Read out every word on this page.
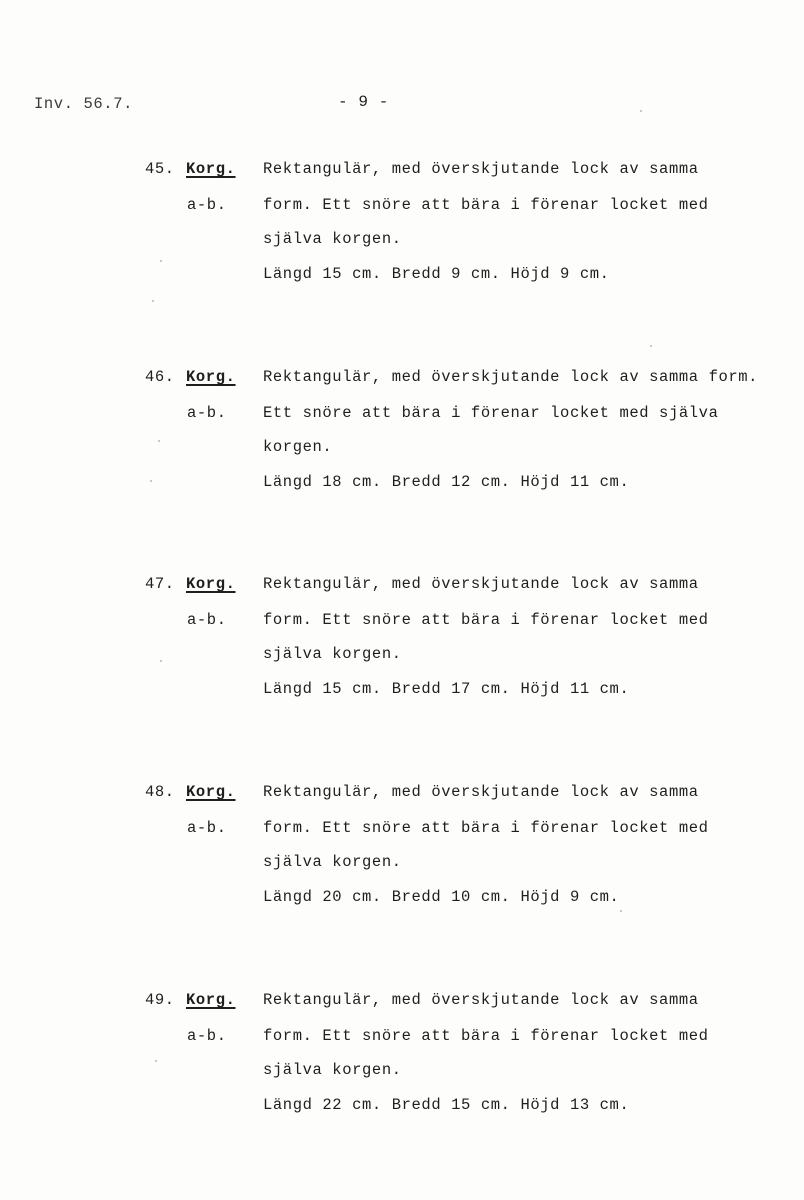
Inv. 56.7.	- 9 -
45. Korg.
a-b.
Rektangulär, med överskjutande lock av samma
form. Ett snöre att bära i förenar locket med
själva korgen.
Längd 15 cm. Bredd 9 cm. Höjd 9 cm.
46. Korg.
a-b.
Rektangulär, med överskjutande lock av samma form.
Ett snöre att bära i förenar locket med själva
korgen.
Längd 18 cm. Bredd 12 cm. Höjd 11 cm.
47. Korg.
a-b.
Rektangulär, med överskjutande lock av samma
form. Ett snöre att bära i förenar locket med
själva korgen.
Längd 15 cm. Bredd 17 cm. Höjd 11 cm.
48. Korg.
a-b.
Rektangulär, med överskjutande lock av samma
form. Ett snöre att bära i förenar locket med
själva korgen.
Längd 20 cm. Bredd 10 cm. Höjd 9 cm.
49. Korg.
a-b.
Rektangulär, med överskjutande lock av samma
form. Ett snöre att bära i förenar locket med
själva korgen.
Längd 22 cm. Bredd 15 cm. Höjd 13 cm.
